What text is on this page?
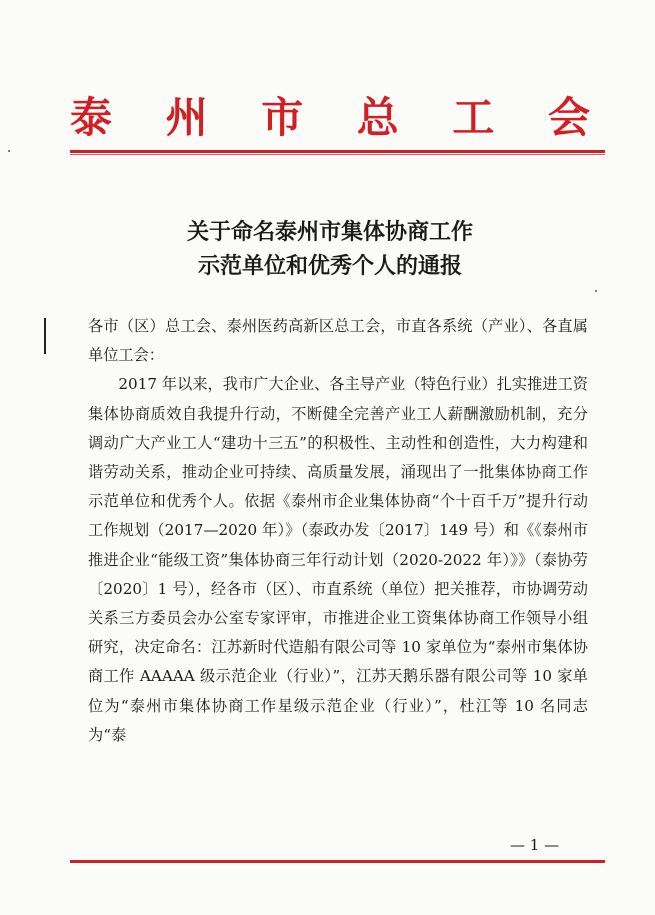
泰 州 市 总 工 会
关于命名泰州市集体协商工作
示范单位和优秀个人的通报

各市（区）总工会、泰州医药高新区总工会，市直各系统（产业）、各直属单位工会：

2017 年以来，我市广大企业、各主导产业（特色行业）扎实推进工资集体协商质效自我提升行动，不断健全完善产业工人薪酬激励机制，充分调动广大产业工人“建功十三五”的积极性、主动性和创造性，大力构建和谐劳动关系，推动企业可持续、高质量发展，涌现出了一批集体协商工作示范单位和优秀个人。依据《泰州市企业集体协商“个十百千万”提升行动工作规划（2017—2020 年）》（泰政办发〔2017〕149 号）和《《泰州市推进企业“能级工资”集体协商三年行动计划（2020-2022 年）》》（泰协劳〔2020〕1 号），经各市（区）、市直系统（单位）把关推荐，市协调劳动关系三方委员会办公室专家评审，市推进企业工资集体协商工作领导小组研究，决定命名：江苏新时代造船有限公司等 10 家单位为“泰州市集体协商工作 AAAAA 级示范企业（行业）”，江苏天鹅乐器有限公司等 10 家单位为“泰州市集体协商工作星级示范企业（行业）”，杜江等 10 名同志为“泰

— 1 —
